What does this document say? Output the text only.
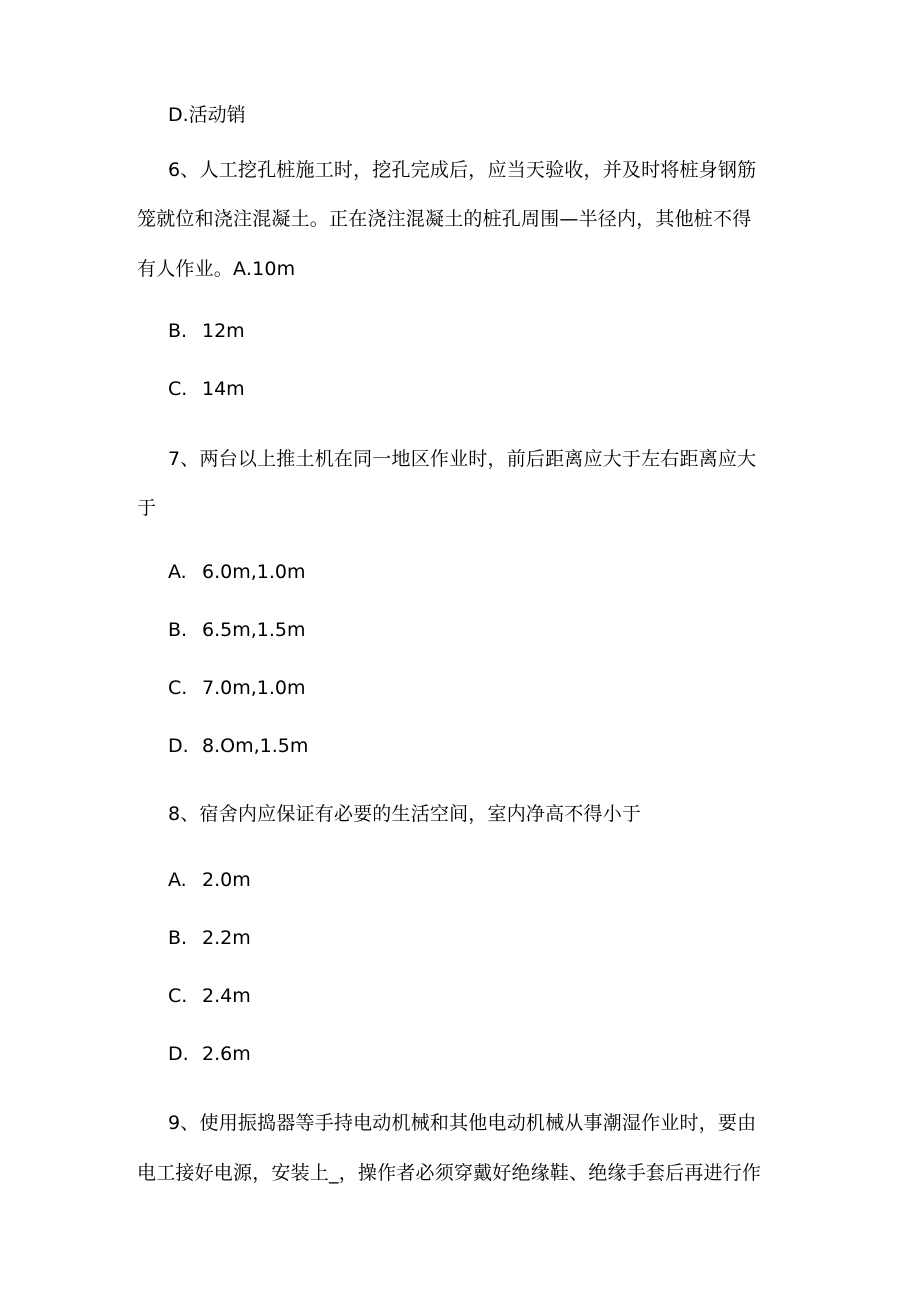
D.活动销
6、人工挖孔桩施工时，挖孔完成后，应当天验收，并及时将桩身钢筋
笼就位和浇注混凝土。正在浇注混凝土的桩孔周围—半径内，其他桩不得
有人作业。A.10m
B. 12m
C. 14m
7、两台以上推土机在同一地区作业时，前后距离应大于左右距离应大
于
A. 6.0m,1.0m
B. 6.5m,1.5m
C. 7.0m,1.0m
D. 8.Om,1.5m
8、宿舍内应保证有必要的生活空间，室内净高不得小于
A. 2.0m
B. 2.2m
C. 2.4m
D. 2.6m
9、使用振捣器等手持电动机械和其他电动机械从事潮湿作业时，要由
电工接好电源，安装上_，操作者必须穿戴好绝缘鞋、绝缘手套后再进行作
